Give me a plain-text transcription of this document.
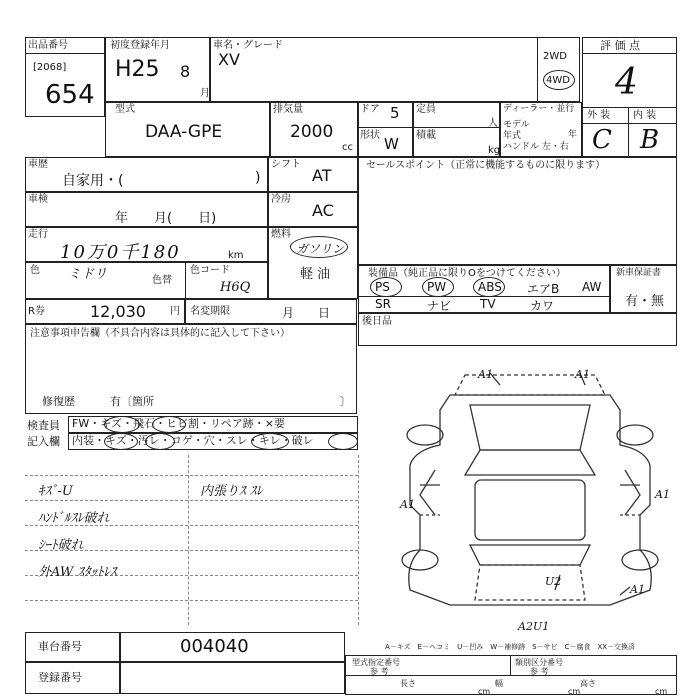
出品番号
[2068]
654
初度登録年月
H25 8
月
車名・グレード
XV	2WD
4WD
評 価 点
4
外 装 内 装
C B
型式
DAA-GPE
排気量
2000
cc
ドア 5
形状 W
定員
人
積載
kg
ディーラー・並行
モデル年式	年
ハンドル 左・右
車歴
自家用・(	)
車検
年　　月(　　日)
走行
10万0千180	km
色 ミドリ	色替
色コード
H6Q
R券	12,030 円 名変期限	月　　日
シフト
AT
冷房
AC
燃料
ガソリン
軽 油
セールスポイント（正常に機能するものに限ります）
装備品（純正品に限りOをつけてください）
PS	PW	ABS エアB AW
SR	ナビ TV	カワ
新車保証書
有・無
後日品
注意事項申告欄（不具合内容は具体的に記入して下さい）
修復歴	有〔箇所	〕
検査員
記入欄
FW・キズ・飛石・ヒビ割・リペア跡・×要
内装・キズ・汚レ・コゲ・穴・スレ・キレ・破レ
ｷｽﾞ-U
ﾊﾝﾄﾞﾙｽﾚ破れ
ｼｰﾄ破れ
外AW ｽﾀｯﾄﾚｽ
内張りｽ ｽﾚ
A1	A1
A1
A1
U2
A1
A2U1
A－キズ　E－ヘコミ　U－凹み　W－補修跡　S－サビ　C－腐食　XX－交換済
車台番号	004040
登録番号
型式指定番号
参 考
類別区分番号
参 考
長さ
cm
幅
cm
高さ
cm
